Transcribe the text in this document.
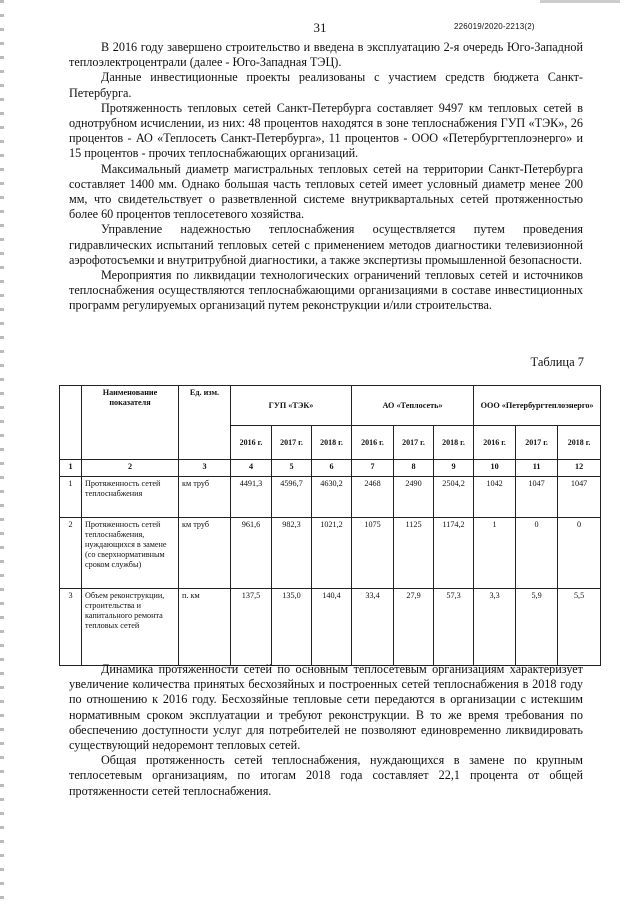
31	226019/2020-2213(2)

В 2016 году завершено строительство и введена в эксплуатацию 2-я очередь Юго-Западной теплоэлектроцентрали (далее - Юго-Западная ТЭЦ).

Данные инвестиционные проекты реализованы с участием средств бюджета Санкт-Петербурга.

Протяженность тепловых сетей Санкт-Петербурга составляет 9497 км тепловых сетей в однотрубном исчислении, из них: 48 процентов находятся в зоне теплоснабжения ГУП «ТЭК», 26 процентов - АО «Теплосеть Санкт-Петербурга», 11 процентов - ООО «Петербургтеплоэнерго» и 15 процентов - прочих теплоснабжающих организаций.

Максимальный диаметр магистральных тепловых сетей на территории Санкт-Петербурга составляет 1400 мм. Однако большая часть тепловых сетей имеет условный диаметр менее 200 мм, что свидетельствует о разветвленной системе внутриквартальных сетей протяженностью более 60 процентов теплосетевого хозяйства.

Управление надежностью теплоснабжения осуществляется путем проведения гидравлических испытаний тепловых сетей с применением методов диагностики телевизионной аэрофотосъемки и внутритрубной диагностики, а также экспертизы промышленной безопасности.

Мероприятия по ликвидации технологических ограничений тепловых сетей и источников теплоснабжения осуществляются теплоснабжающими организациями в составе инвестиционных программ регулируемых организаций путем реконструкции и/или строительства.

Таблица 7
	Наименование показателя	Ед. изм.	ГУП «ТЭК»			АО «Теплосеть»			ООО «Петербургтеплоэнерго»		
			2016 г.	2017 г.	2018 г.	2016 г.	2017 г.	2018 г.	2016 г.	2017 г.	2018 г.
1	2	3	4	5	6	7	8	9	10	11	12
1	Протяженность сетей теплоснабжения	км труб	4491,3	4596,7	4630,2	2468	2490	2504,2	1042	1047	1047
2	Протяженность сетей теплоснабжения, нуждающихся в замене (со сверхнормативным сроком службы)	км труб	961,6	982,3	1021,2	1075	1125	1174,2	1	0	0
3	Объем реконструкции, строительства и капитального ремонта тепловых сетей	п. км	137,5	135,0	140,4	33,4	27,9	57,3	3,3	5,9	5,5

Динамика протяженности сетей по основным теплосетевым организациям характеризует увеличение количества принятых бесхозяйных и построенных сетей теплоснабжения в 2018 году по отношению к 2016 году. Бесхозяйные тепловые сети передаются в организации с истекшим нормативным сроком эксплуатации и требуют реконструкции. В то же время требования по обеспечению доступности услуг для потребителей не позволяют единовременно ликвидировать существующий недоремонт тепловых сетей.

Общая протяженность сетей теплоснабжения, нуждающихся в замене по крупным теплосетевым организациям, по итогам 2018 года составляет 22,1 процента от общей протяженности сетей теплоснабжения.
